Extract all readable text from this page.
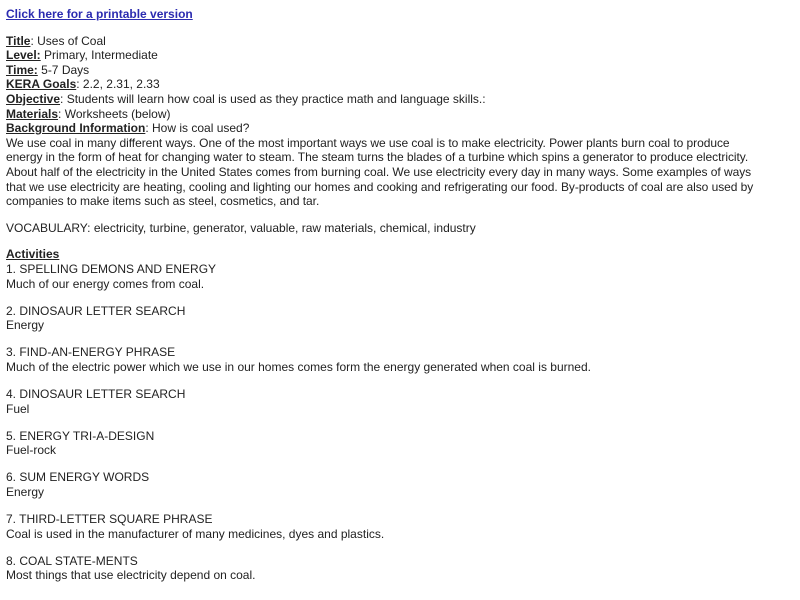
Click here for a printable version
Title: Uses of Coal
Level: Primary, Intermediate
Time: 5-7 Days
KERA Goals: 2.2, 2.31, 2.33
Objective: Students will learn how coal is used as they practice math and language skills.:
Materials: Worksheets (below)
Background Information: How is coal used?
We use coal in many different ways. One of the most important ways we use coal is to make electricity. Power plants burn coal to produce
energy in the form of heat for changing water to steam. The steam turns the blades of a turbine which spins a generator to produce electricity.
About half of the electricity in the United States comes from burning coal. We use electricity every day in many ways. Some examples of ways
that we use electricity are heating, cooling and lighting our homes and cooking and refrigerating our food. By-products of coal are also used by
companies to make items such as steel, cosmetics, and tar.
VOCABULARY: electricity, turbine, generator, valuable, raw materials, chemical, industry
Activities
1. SPELLING DEMONS AND ENERGY
Much of our energy comes from coal.
2. DINOSAUR LETTER SEARCH
Energy
3. FIND-AN-ENERGY PHRASE
Much of the electric power which we use in our homes comes form the energy generated when coal is burned.
4. DINOSAUR LETTER SEARCH
Fuel
5. ENERGY TRI-A-DESIGN
Fuel-rock
6. SUM ENERGY WORDS
Energy
7. THIRD-LETTER SQUARE PHRASE
Coal is used in the manufacturer of many medicines, dyes and plastics.
8. COAL STATE-MENTS
Most things that use electricity depend on coal.
